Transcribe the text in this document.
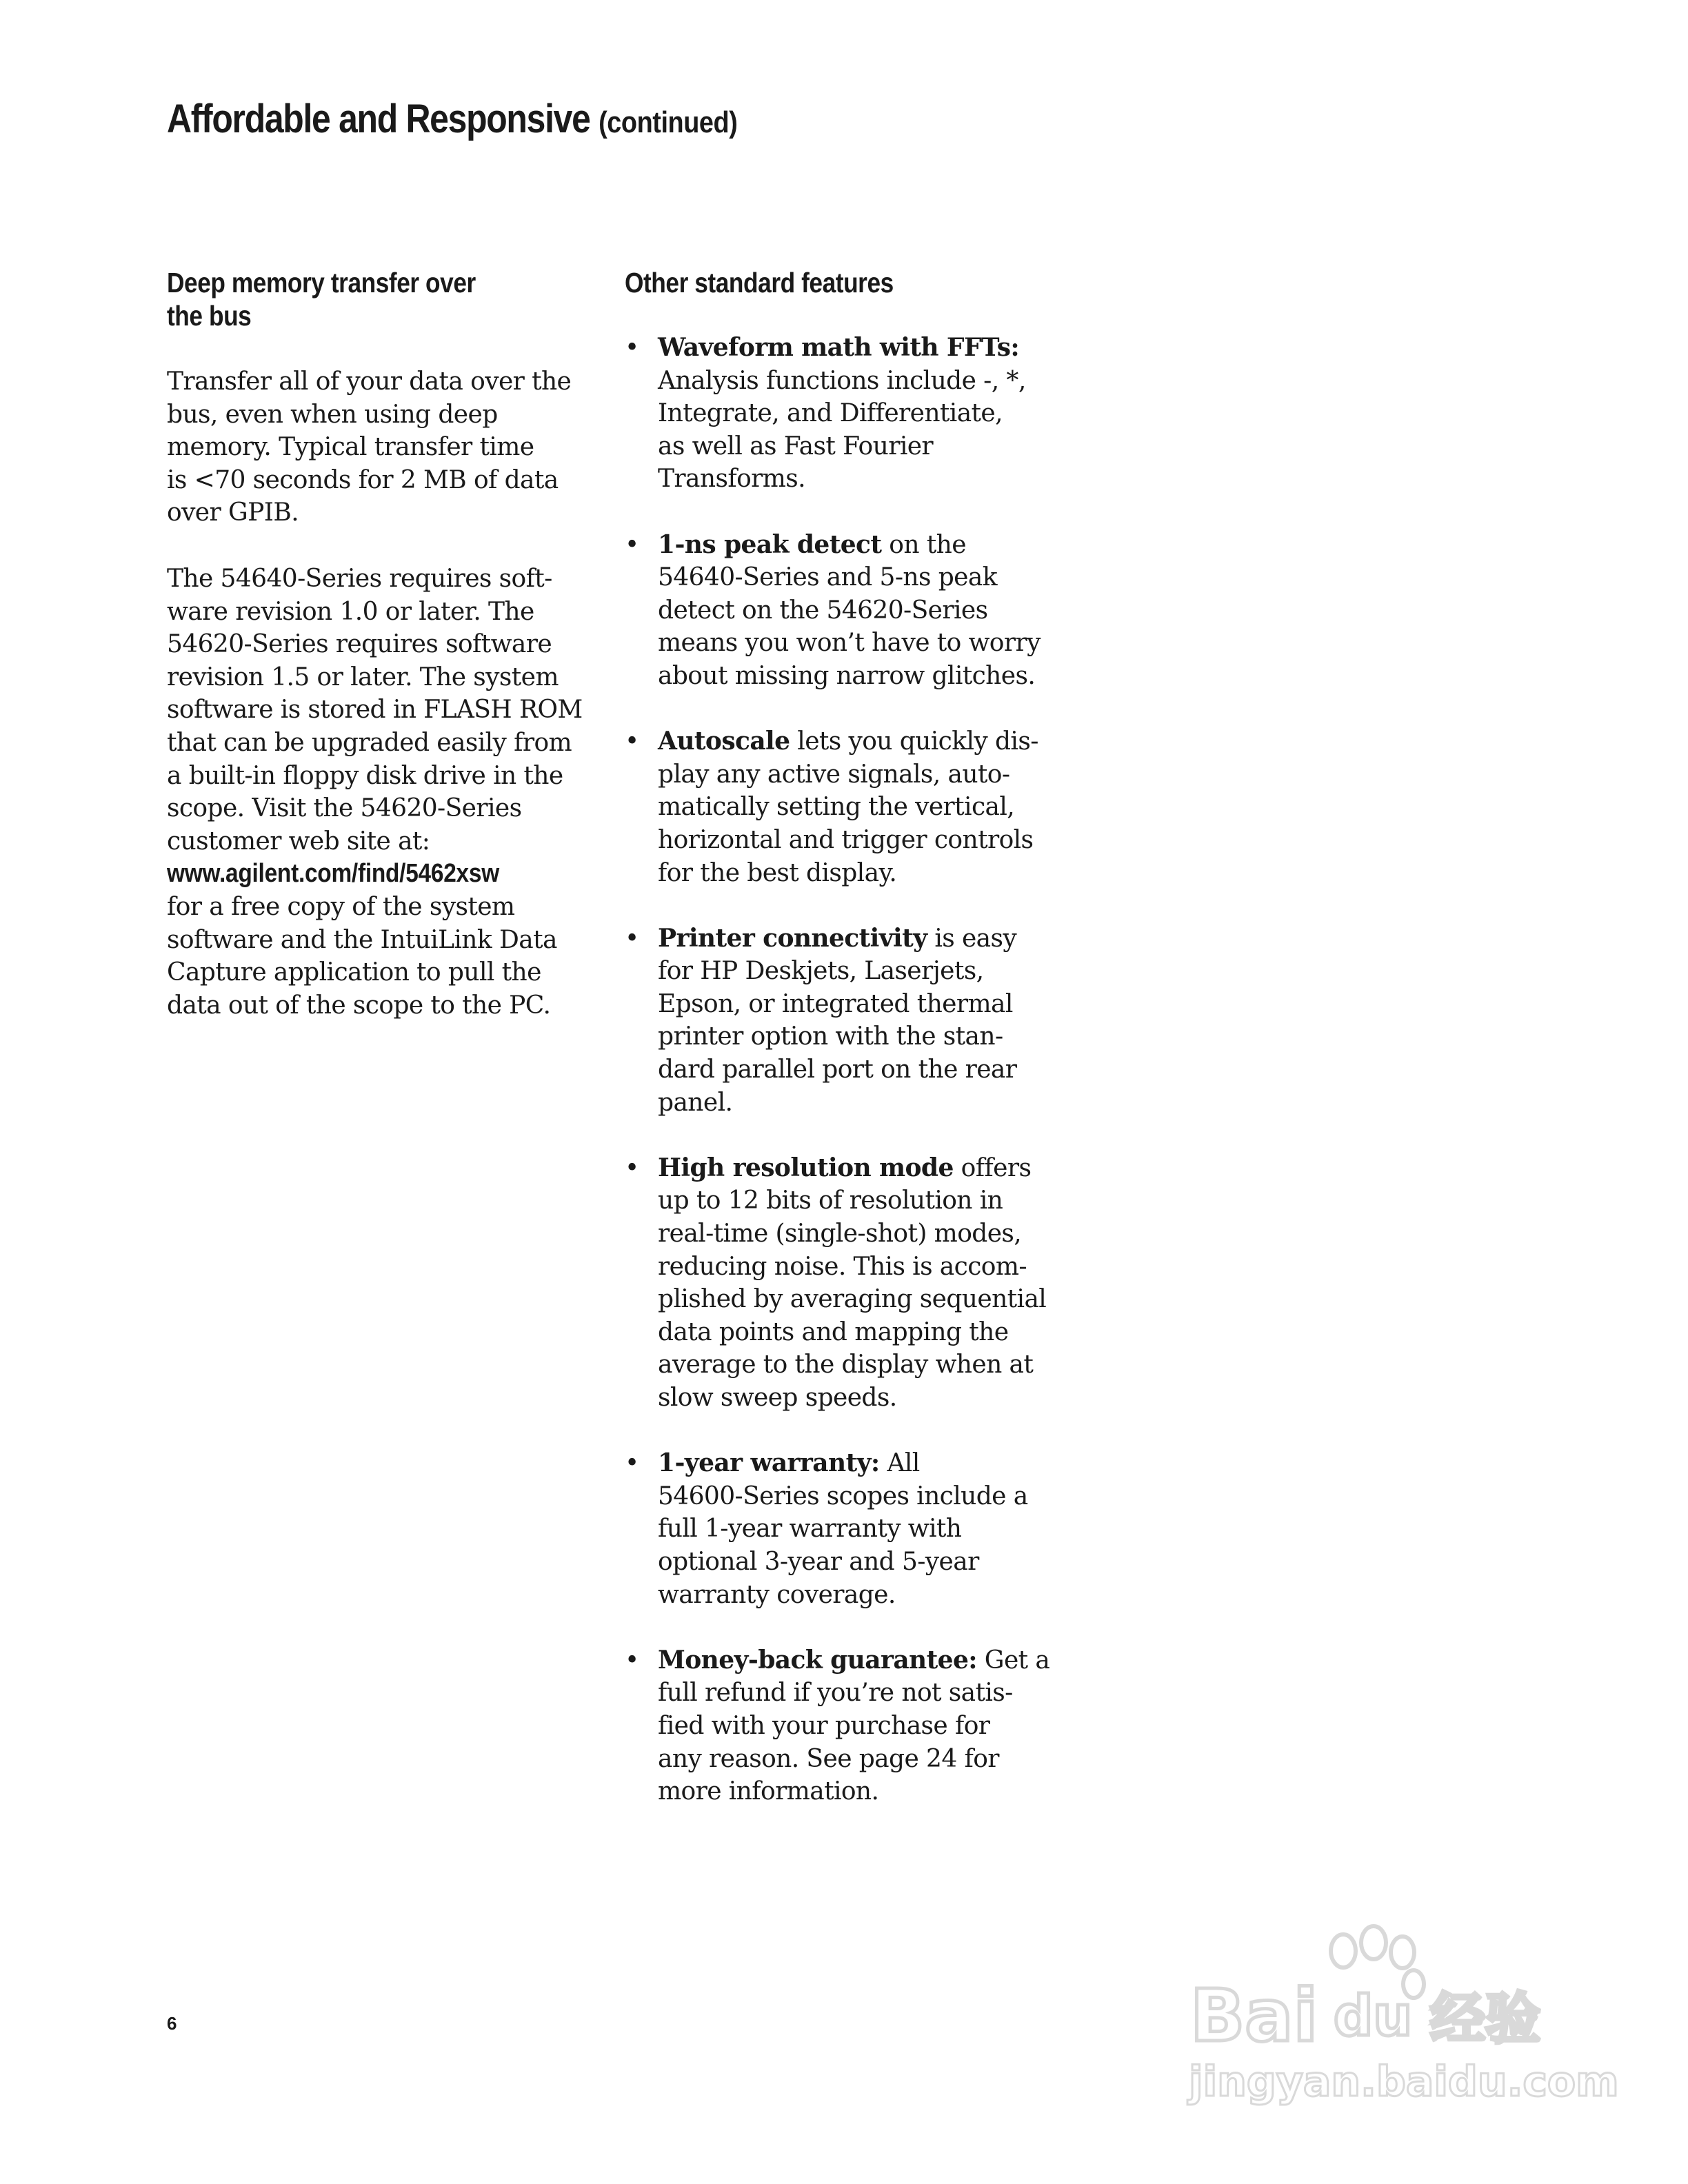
Affordable and Responsive (continued)
Deep memory transfer over
the bus
Transfer all of your data over the
bus, even when using deep
memory. Typical transfer time
is <70 seconds for 2 MB of data
over GPIB.
The 54640-Series requires soft-
ware revision 1.0 or later. The
54620-Series requires software
revision 1.5 or later. The system
software is stored in FLASH ROM
that can be upgraded easily from
a built-in floppy disk drive in the
scope. Visit the 54620-Series
customer web site at:
www.agilent.com/find/5462xsw
for a free copy of the system
software and the IntuiLink Data
Capture application to pull the
data out of the scope to the PC.
Other standard features
• Waveform math with FFTs:
Analysis functions include -, *,
Integrate, and Differentiate,
as well as Fast Fourier
Transforms.
• 1-ns peak detect on the
54640-Series and 5-ns peak
detect on the 54620-Series
means you won’t have to worry
about missing narrow glitches.
• Autoscale lets you quickly dis-
play any active signals, auto-
matically setting the vertical,
horizontal and trigger controls
for the best display.
• Printer connectivity is easy
for HP Deskjets, Laserjets,
Epson, or integrated thermal
printer option with the stan-
dard parallel port on the rear
panel.
• High resolution mode offers
up to 12 bits of resolution in
real-time (single-shot) modes,
reducing noise. This is accom-
plished by averaging sequential
data points and mapping the
average to the display when at
slow sweep speeds.
• 1-year warranty: All
54600-Series scopes include a
full 1-year warranty with
optional 3-year and 5-year
warranty coverage.
• Money-back guarantee: Get a
full refund if you’re not satis-
fied with your purchase for
any reason. See page 24 for
more information.
6	Bai du 经验
jingyan.baidu.com
